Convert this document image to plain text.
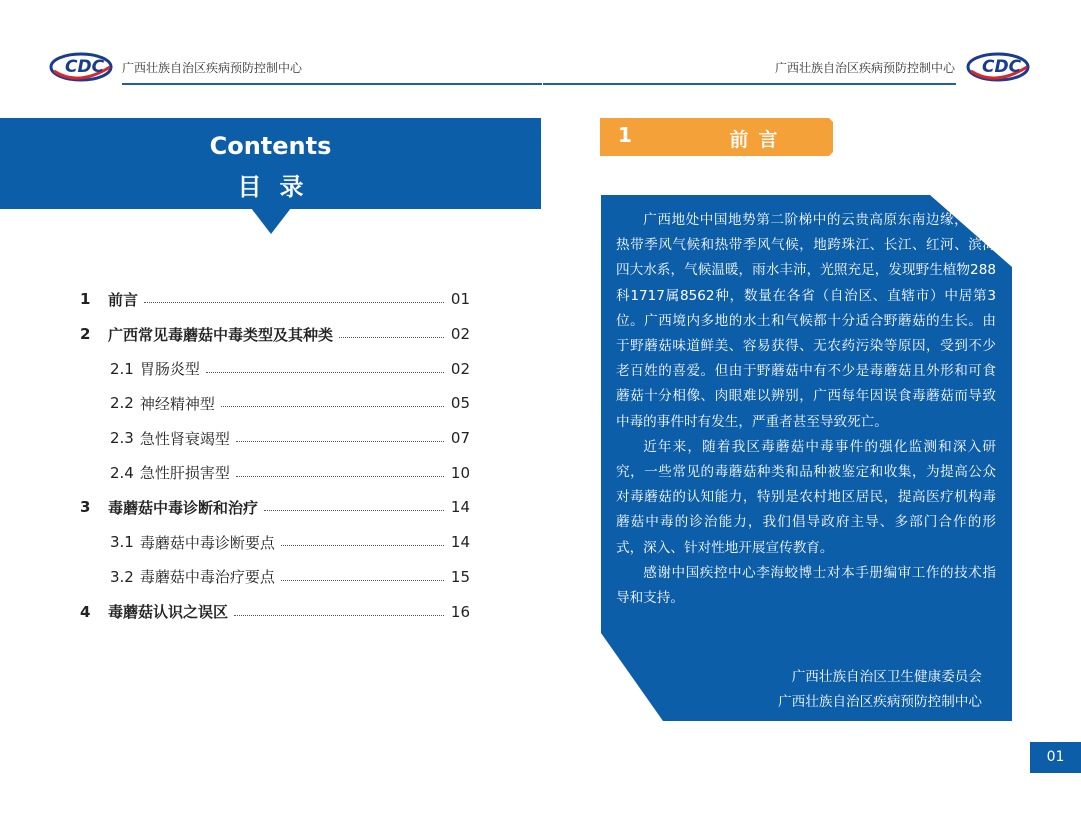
CDC 广西壮族自治区疾病预防控制中心	CDC
广西壮族自治区疾病预防控制中心
Contents
目录
1	前言	01
2	广西常见毒蘑菇中毒类型及其种类	02
2.1 胃肠炎型	02
2.2 神经精神型	05
2.3 急性肾衰竭型	07
2.4 急性肝损害型	10
3	毒蘑菇中毒诊断和治疗	14
3.1 毒蘑菇中毒诊断要点	14
3.2 毒蘑菇中毒治疗要点	15
4	毒蘑菇认识之误区	16
1	前言

广西地处中国地势第二阶梯中的云贵高原东南边缘，属亚热带季风气候和热带季风气候，地跨珠江、长江、红河、滨海四大水系，气候温暖，雨水丰沛，光照充足，发现野生植物288科1717属8562种，数量在各省（自治区、直辖市）中居第3位。广西境内多地的水土和气候都十分适合野蘑菇的生长。由于野蘑菇味道鲜美、容易获得、无农药污染等原因，受到不少老百姓的喜爱。但由于野蘑菇中有不少是毒蘑菇且外形和可食蘑菇十分相像、肉眼难以辨别，广西每年因误食毒蘑菇而导致中毒的事件时有发生，严重者甚至导致死亡。

近年来，随着我区毒蘑菇中毒事件的强化监测和深入研究，一些常见的毒蘑菇种类和品种被鉴定和收集，为提高公众对毒蘑菇的认知能力，特别是农村地区居民，提高医疗机构毒蘑菇中毒的诊治能力，我们倡导政府主导、多部门合作的形式，深入、针对性地开展宣传教育。

感谢中国疾控中心李海蛟博士对本手册编审工作的技术指导和支持。

广西壮族自治区卫生健康委员会
广西壮族自治区疾病预防控制中心
01
